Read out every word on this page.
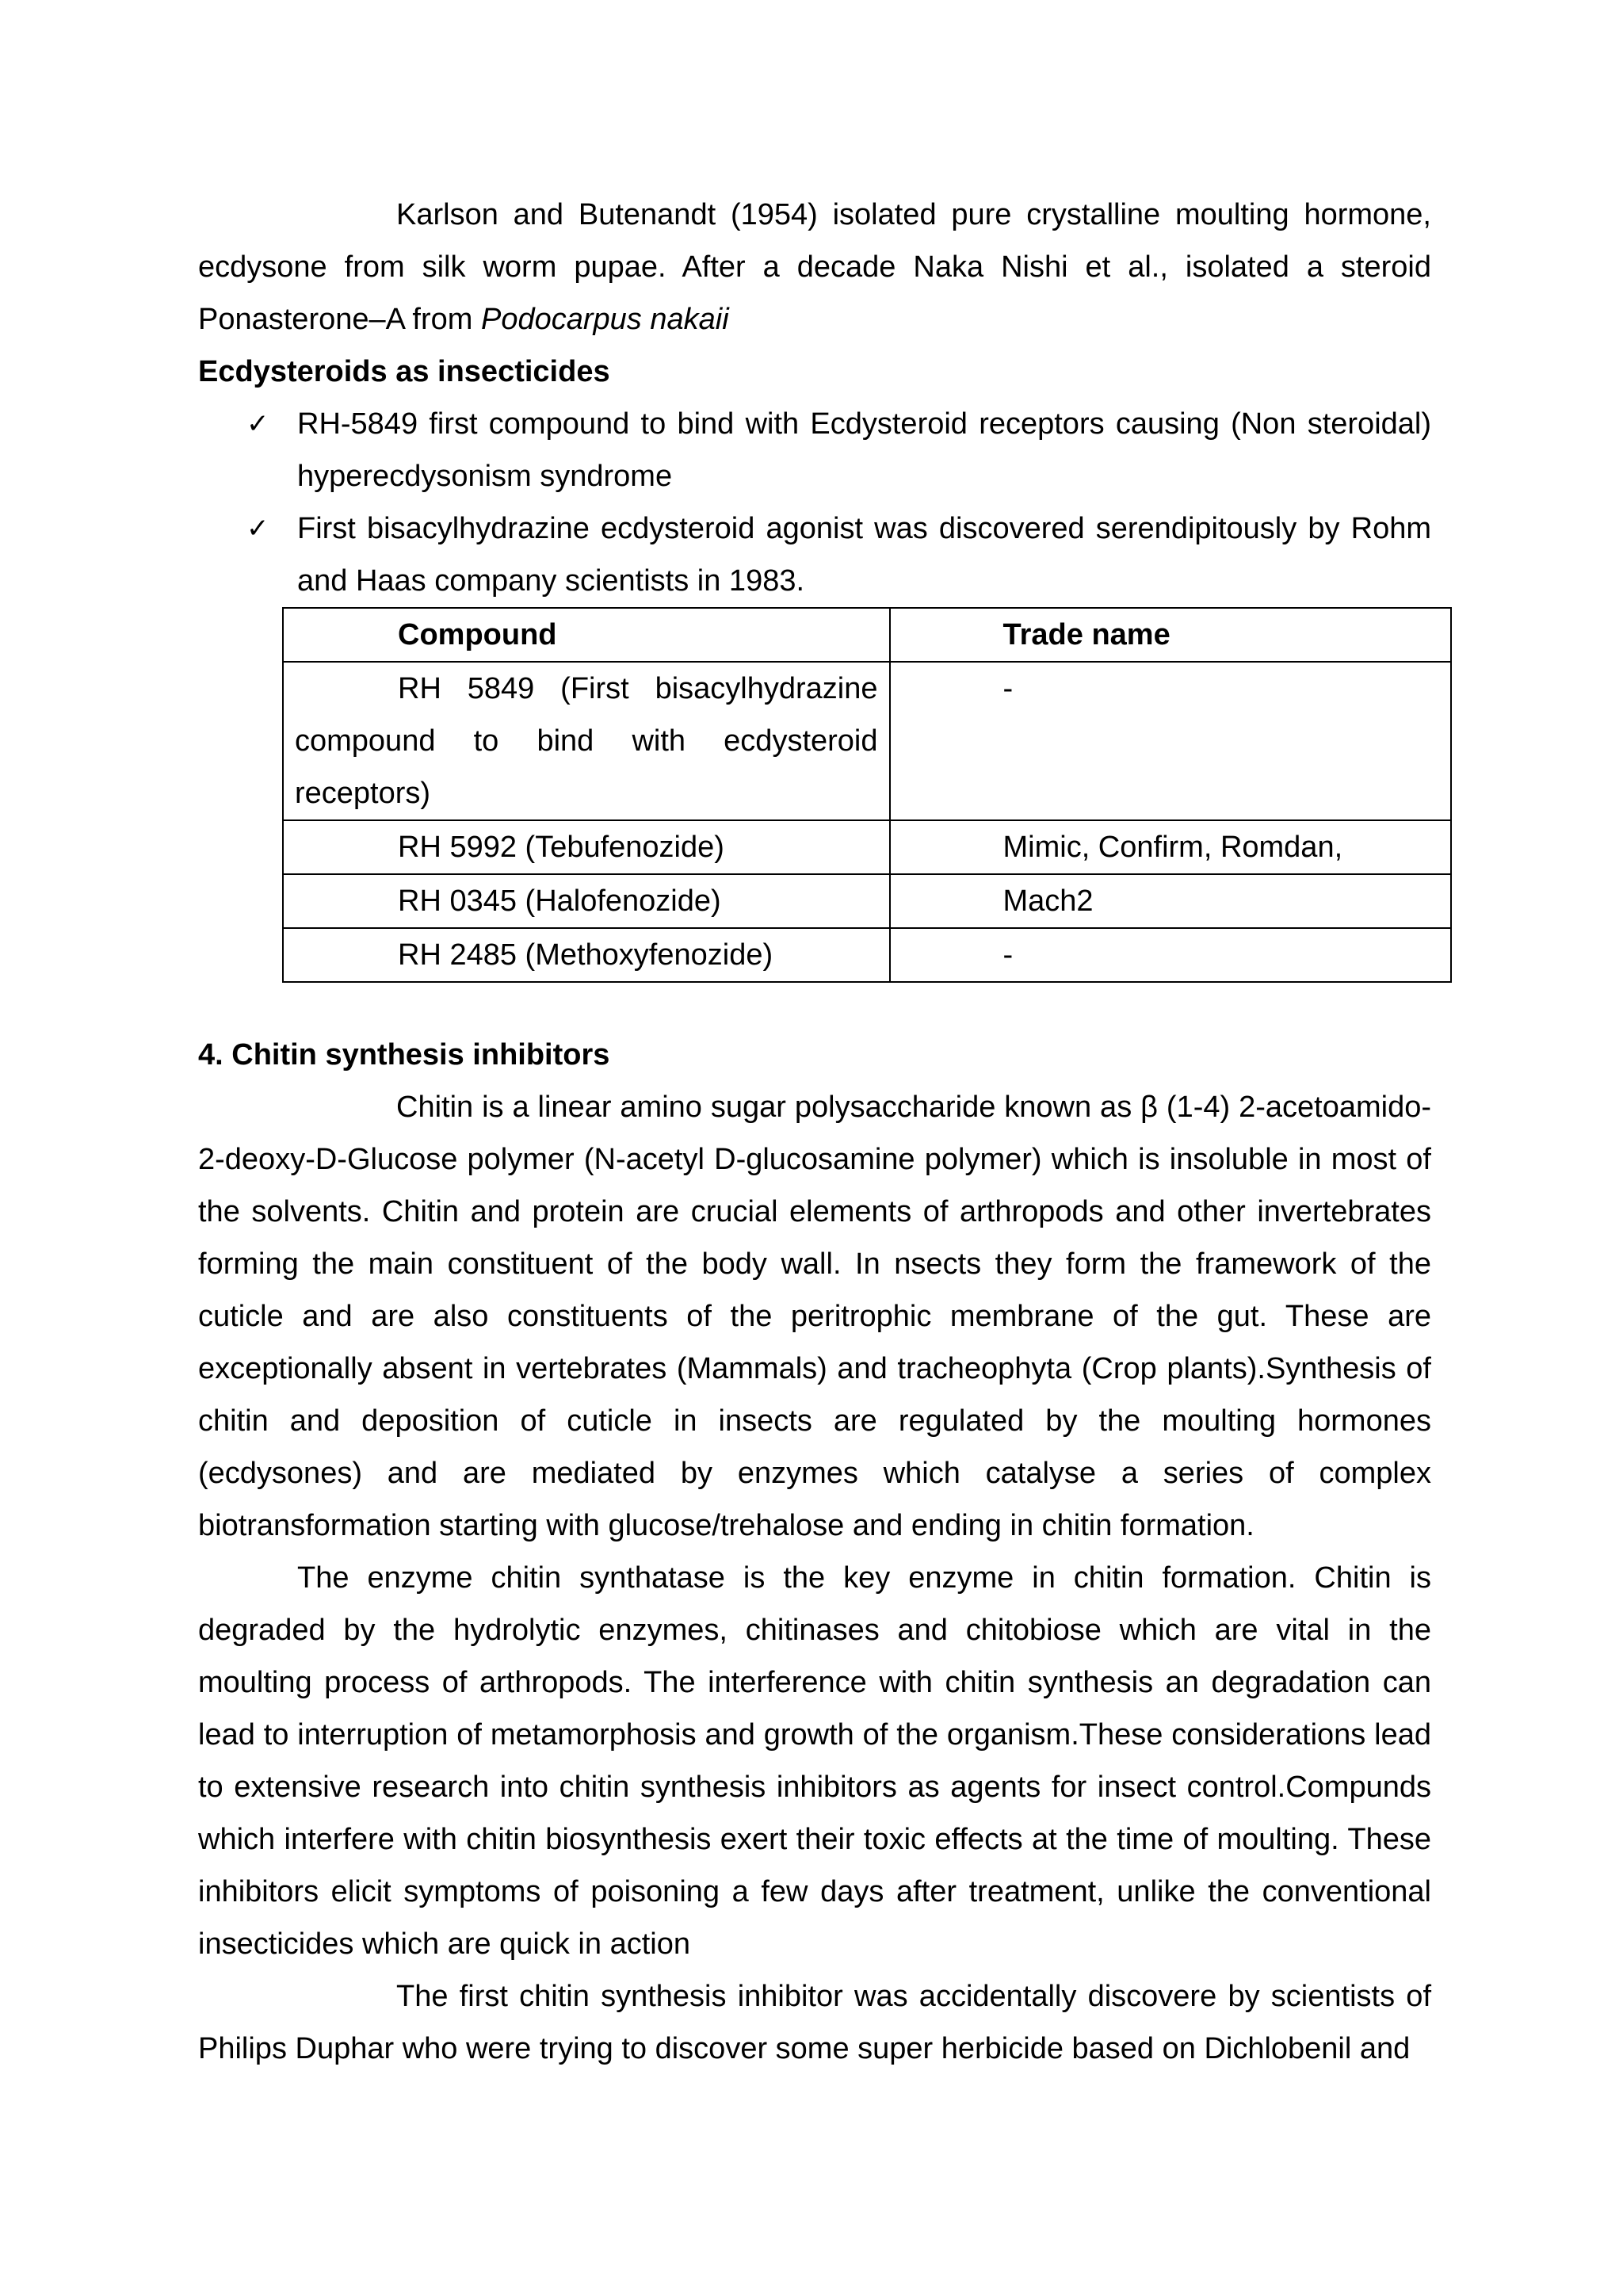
Karlson and Butenandt (1954) isolated pure crystalline moulting hormone, ecdysone from silk worm pupae. After a decade Naka Nishi et al., isolated a steroid Ponasterone–A from Podocarpus nakaii

Ecdysteroids as insecticides

✓ RH-5849 first compound to bind with Ecdysteroid receptors causing (Non steroidal) hyperecdysonism syndrome
✓ First bisacylhydrazine ecdysteroid agonist was discovered serendipitously by Rohm and Haas company scientists in 1983.
Compound	Trade name
RH 5849 (First bisacylhydrazine compound to bind with ecdysteroid receptors)	-
RH 5992 (Tebufenozide)	Mimic, Confirm, Romdan,
RH 0345 (Halofenozide)	Mach2
RH 2485 (Methoxyfenozide)	-

4. Chitin synthesis inhibitors

Chitin is a linear amino sugar polysaccharide known as β (1-4) 2-acetoamido-2-deoxy-D-Glucose polymer (N-acetyl D-glucosamine polymer) which is insoluble in most of the solvents. Chitin and protein are crucial elements of arthropods and other invertebrates forming the main constituent of the body wall. In nsects they form the framework of the cuticle and are also constituents of the peritrophic membrane of the gut. These are exceptionally absent in vertebrates (Mammals) and tracheophyta (Crop plants).Synthesis of chitin and deposition of cuticle in insects are regulated by the moulting hormones (ecdysones) and are mediated by enzymes which catalyse a series of complex biotransformation starting with glucose/trehalose and ending in chitin formation.

The enzyme chitin synthatase is the key enzyme in chitin formation. Chitin is degraded by the hydrolytic enzymes, chitinases and chitobiose which are vital in the moulting process of arthropods. The interference with chitin synthesis an degradation can lead to interruption of metamorphosis and growth of the organism.These considerations lead to extensive research into chitin synthesis inhibitors as agents for insect control.Compunds which interfere with chitin biosynthesis exert their toxic effects at the time of moulting. These inhibitors elicit symptoms of poisoning a few days after treatment, unlike the conventional insecticides which are quick in action

The first chitin synthesis inhibitor was accidentally discovere by scientists of Philips Duphar who were trying to discover some super herbicide based on Dichlobenil and
